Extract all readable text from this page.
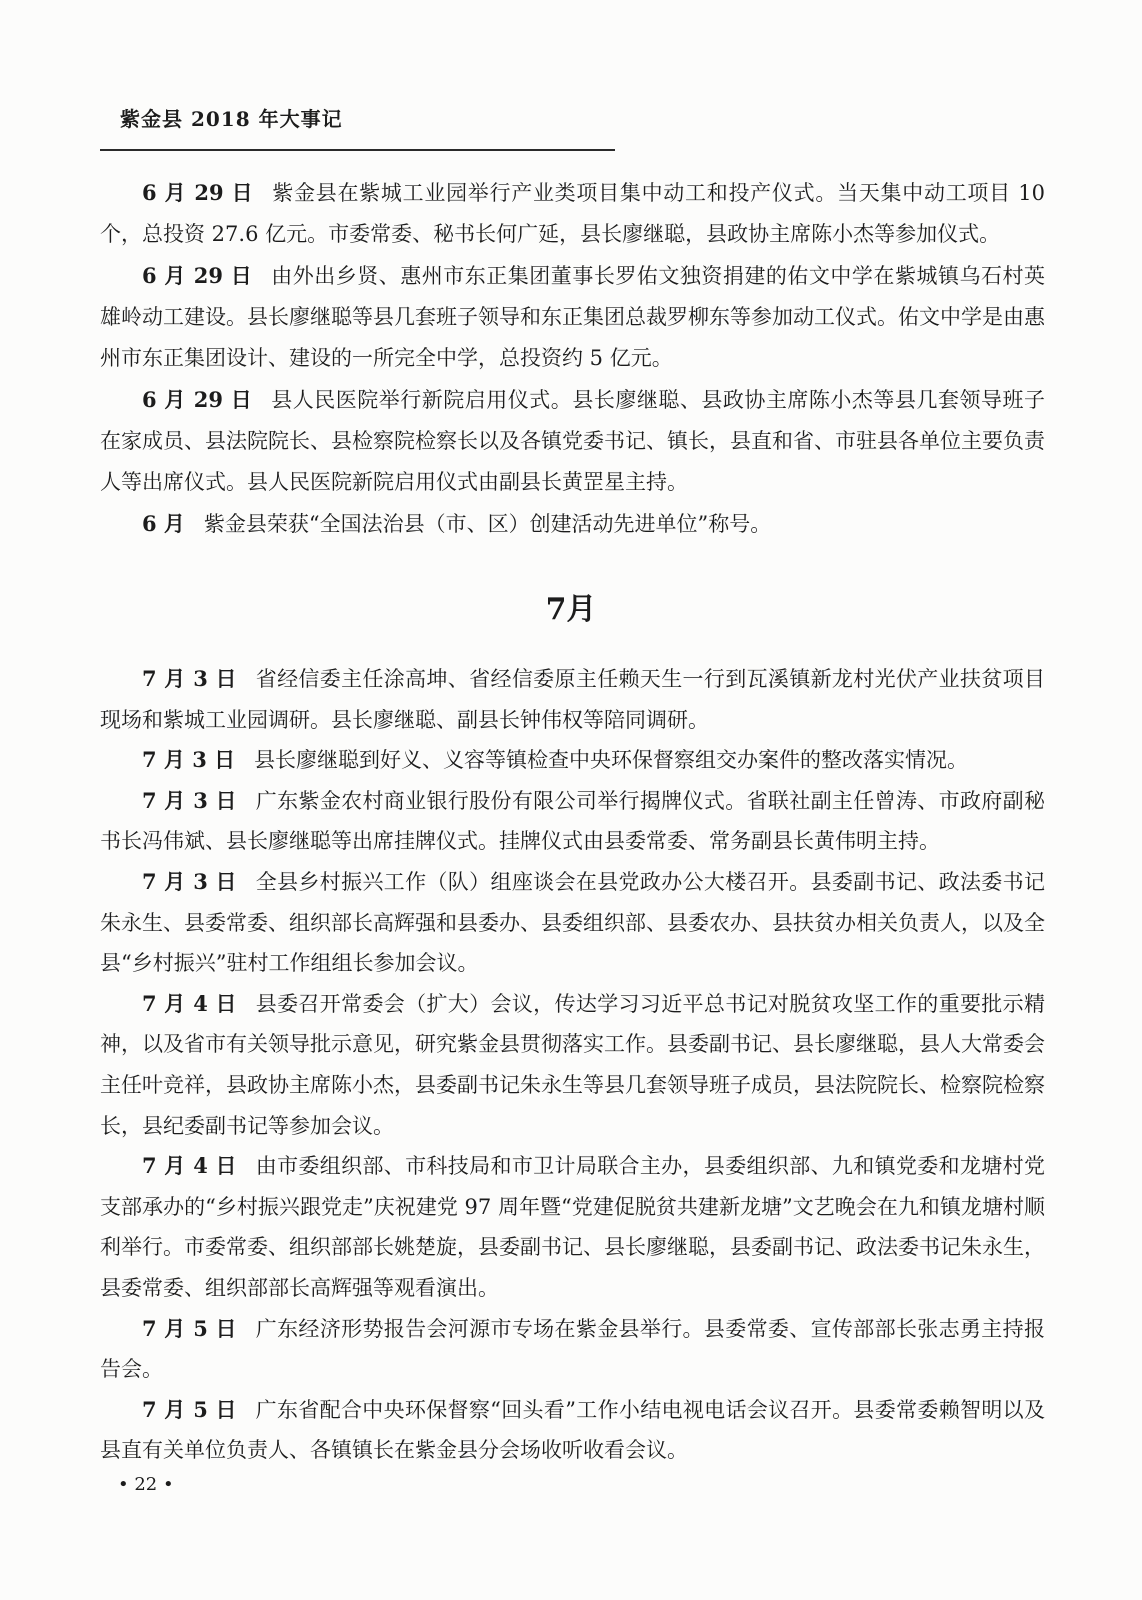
紫金县 2018 年大事记

6 月 29 日 紫金县在紫城工业园举行产业类项目集中动工和投产仪式。当天集中动工项目 10 个，总投资 27.6 亿元。市委常委、秘书长何广延，县长廖继聪，县政协主席陈小杰等参加仪式。

6 月 29 日 由外出乡贤、惠州市东正集团董事长罗佑文独资捐建的佑文中学在紫城镇乌石村英雄岭动工建设。县长廖继聪等县几套班子领导和东正集团总裁罗柳东等参加动工仪式。佑文中学是由惠州市东正集团设计、建设的一所完全中学，总投资约 5 亿元。

6 月 29 日 县人民医院举行新院启用仪式。县长廖继聪、县政协主席陈小杰等县几套领导班子在家成员、县法院院长、县检察院检察长以及各镇党委书记、镇长，县直和省、市驻县各单位主要负责人等出席仪式。县人民医院新院启用仪式由副县长黄罡星主持。

6 月 紫金县荣获“全国法治县（市、区）创建活动先进单位”称号。

7月

7 月 3 日 省经信委主任涂高坤、省经信委原主任赖天生一行到瓦溪镇新龙村光伏产业扶贫项目现场和紫城工业园调研。县长廖继聪、副县长钟伟权等陪同调研。

7 月 3 日 县长廖继聪到好义、义容等镇检查中央环保督察组交办案件的整改落实情况。

7 月 3 日 广东紫金农村商业银行股份有限公司举行揭牌仪式。省联社副主任曾涛、市政府副秘书长冯伟斌、县长廖继聪等出席挂牌仪式。挂牌仪式由县委常委、常务副县长黄伟明主持。

7 月 3 日 全县乡村振兴工作（队）组座谈会在县党政办公大楼召开。县委副书记、政法委书记朱永生、县委常委、组织部长高辉强和县委办、县委组织部、县委农办、县扶贫办相关负责人，以及全县“乡村振兴”驻村工作组组长参加会议。

7 月 4 日 县委召开常委会（扩大）会议，传达学习习近平总书记对脱贫攻坚工作的重要批示精神，以及省市有关领导批示意见，研究紫金县贯彻落实工作。县委副书记、县长廖继聪，县人大常委会主任叶竞祥，县政协主席陈小杰，县委副书记朱永生等县几套领导班子成员，县法院院长、检察院检察长，县纪委副书记等参加会议。

7 月 4 日 由市委组织部、市科技局和市卫计局联合主办，县委组织部、九和镇党委和龙塘村党支部承办的“乡村振兴跟党走”庆祝建党 97 周年暨“党建促脱贫共建新龙塘”文艺晚会在九和镇龙塘村顺利举行。市委常委、组织部部长姚楚旋，县委副书记、县长廖继聪，县委副书记、政法委书记朱永生，县委常委、组织部部长高辉强等观看演出。

7 月 5 日 广东经济形势报告会河源市专场在紫金县举行。县委常委、宣传部部长张志勇主持报告会。

7 月 5 日 广东省配合中央环保督察“回头看”工作小结电视电话会议召开。县委常委赖智明以及县直有关单位负责人、各镇镇长在紫金县分会场收听收看会议。

• 22 •
